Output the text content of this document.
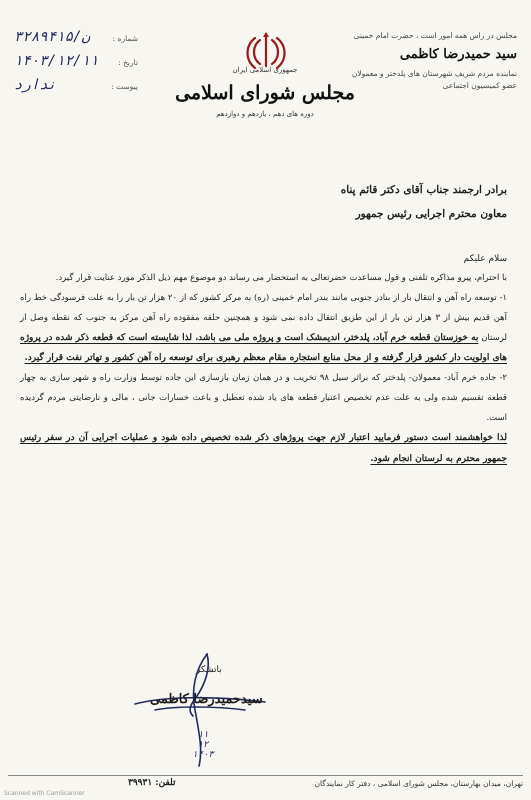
مجلس در راس همه امور است ، حضرت امام خمینی
سید حمیدرضا کاظمی
نماینده مردم شریف شهرستان های پلدختر و معمولان
عضو کمیسیون اجتماعی
جمهوری اسلامی ایران
مجلس شورای اسلامی
دوره های دهم ، یازدهم و دوازدهم
شماره :
۳۲۸۹۴۱۵/ن
تاریخ :
۱۴۰۳/۱۲/۱۱
پیوست :
ندارد
برادر ارجمند جناب آقای دکتر قائم پناه
معاون محترم اجرایی رئیس جمهور
سلام علیکم

با احترام، پیرو مذاکره تلفنی و قول مساعدت حضرتعالی به استحضار می رساند دو موضوع مهم ذیل الذکر مورد عنایت قرار گیرد.

۱- توسعه راه آهن و انتقال بار از بنادر جنوبی مانند بندر امام خمینی (ره) به مرکز کشور که از ۲۰ هزار تن بار را به علت فرسودگی خط راه آهن قدیم بیش از ۳ هزار تن بار از این طریق انتقال داده نمی شود و همچنین حلقه مفقوده راه آهن مرکز به جنوب که نقطه وصل از لرستان به خوزستان قطعه خرم آباد، پلدختر، اندیمشک است و پروژه ملی می باشد، لذا شایسته است که قطعه ذکر شده در پروژه های اولویت دار کشور قرار گرفته و از محل منابع استجاره مقام معظم رهبری برای توسعه راه آهن کشور و تهاتر نفت قرار گیرد.

۲- جاده خرم آباد- معمولان- پلدختر که براثر سیل ۹۸ تخریب و در همان زمان بازسازی این جاده توسط وزارت راه و شهر سازی به چهار قطعه تقسیم شده ولی به علت عدم تخصیص اعتبار قطعه های یاد شده تعطیل و باعث خسارات جانی ، مالی و نارضایتی مردم گردیده است.

لذا خواهشمند است دستور فرمایید اعتبار لازم جهت پروژهای ذکر شده تخصیص داده شود و عملیات اجرایی آن در سفر رئیس جمهور محترم به لرستان انجام شود.

باتشکر
سیدحمیدرضا کاظمی
۱۱
۱۲
۱۴۰۳
تهران، میدان بهارستان، مجلس شورای اسلامی ، دفتر کار نمایندگان
تلفن: ۳۹۹۳۱
Scanned with CamScanner
